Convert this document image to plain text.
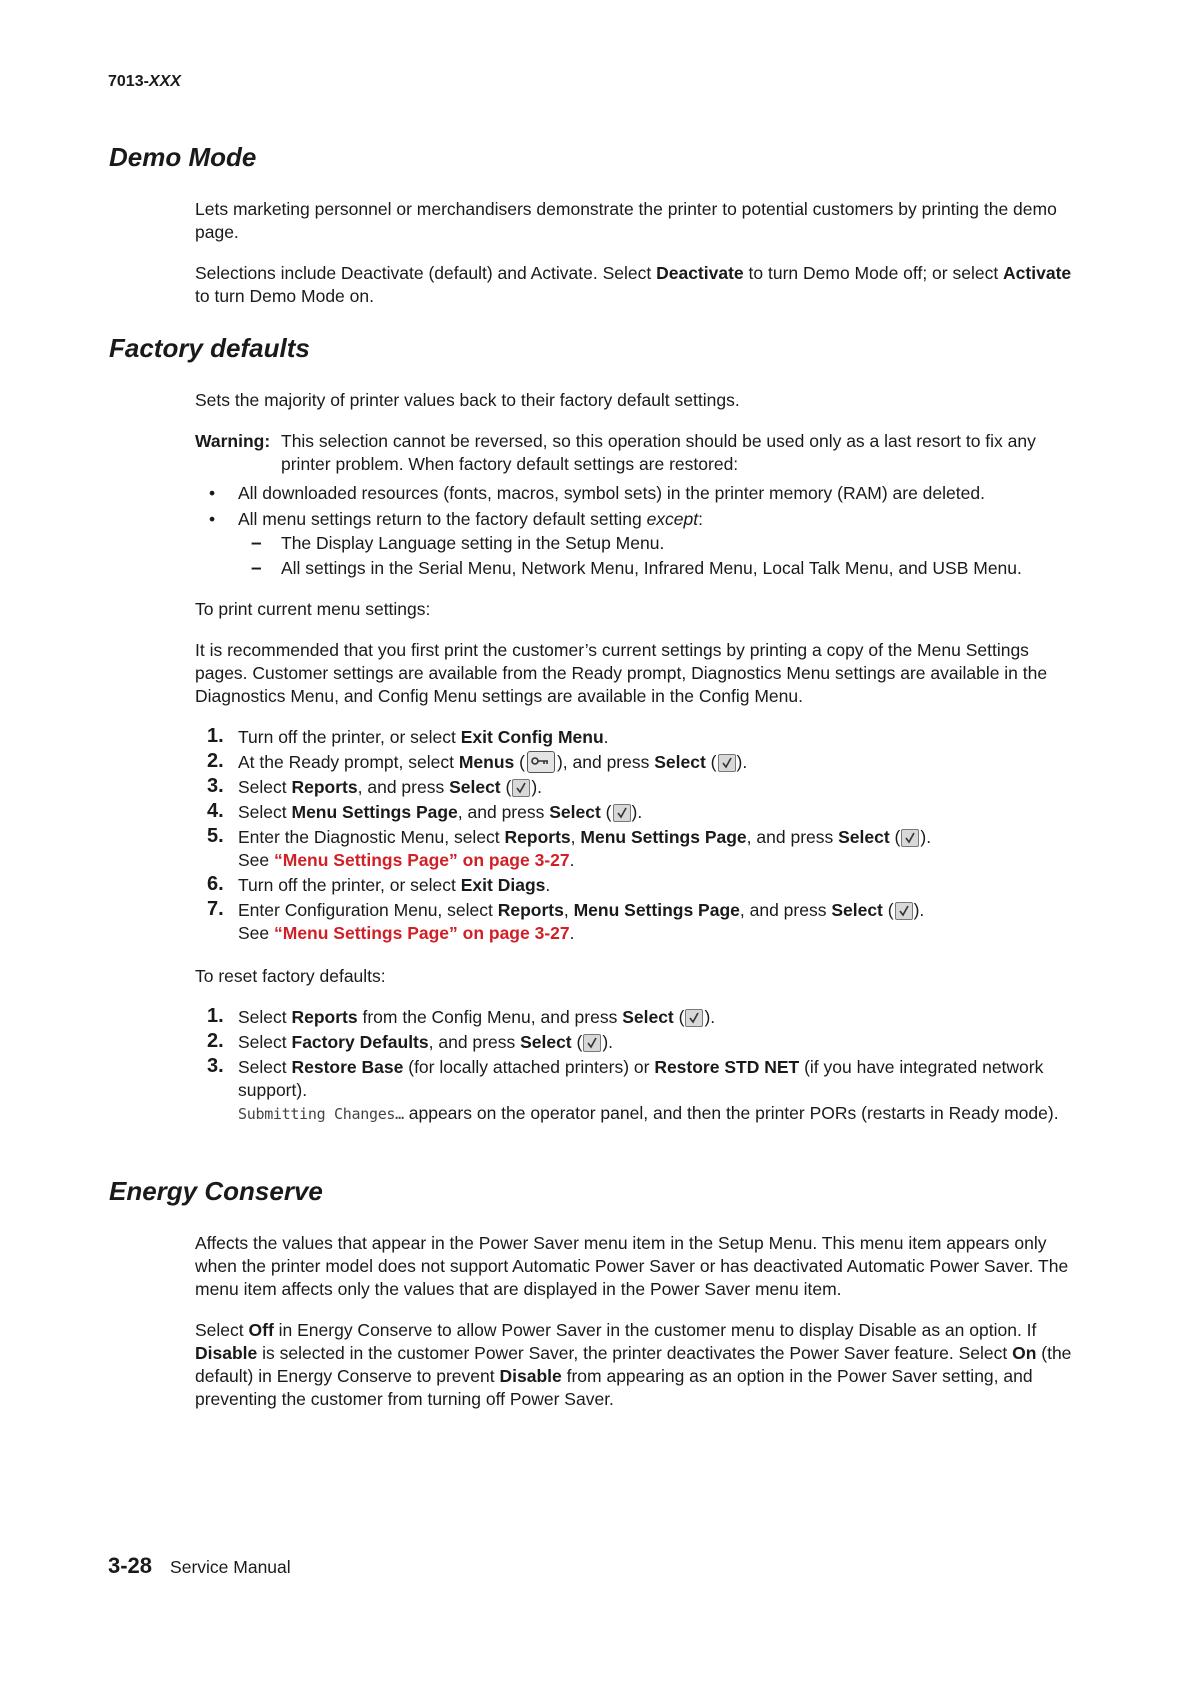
7013-XXX
Demo Mode

Lets marketing personnel or merchandisers demonstrate the printer to potential customers by printing the demo page.

Selections include Deactivate (default) and Activate. Select Deactivate to turn Demo Mode off; or select Activate to turn Demo Mode on.

Factory defaults

Sets the majority of printer values back to their factory default settings.

Warning: This selection cannot be reversed, so this operation should be used only as a last resort to fix any printer problem. When factory default settings are restored:
• All downloaded resources (fonts, macros, symbol sets) in the printer memory (RAM) are deleted.
• All menu settings return to the factory default setting except:
– The Display Language setting in the Setup Menu.
– All settings in the Serial Menu, Network Menu, Infrared Menu, Local Talk Menu, and USB Menu.

To print current menu settings:

It is recommended that you first print the customer’s current settings by printing a copy of the Menu Settings pages. Customer settings are available from the Ready prompt, Diagnostics Menu settings are available in the Diagnostics Menu, and Config Menu settings are available in the Config Menu.

1. Turn off the printer, or select Exit Config Menu.
2. At the Ready prompt, select Menus ( ), and press Select ( ).
3. Select Reports, and press Select ( ).
4. Select Menu Settings Page, and press Select ( ).
5. Enter the Diagnostic Menu, select Reports, Menu Settings Page, and press Select ( ).
See “Menu Settings Page” on page 3-27.
6. Turn off the printer, or select Exit Diags.
7. Enter Configuration Menu, select Reports, Menu Settings Page, and press Select ( ).
See “Menu Settings Page” on page 3-27.

To reset factory defaults:

1. Select Reports from the Config Menu, and press Select ( ).
2. Select Factory Defaults, and press Select ( ).
3. Select Restore Base (for locally attached printers) or Restore STD NET (if you have integrated network support).
Submitting Changes… appears on the operator panel, and then the printer PORs (restarts in Ready mode).
Energy Conserve

Affects the values that appear in the Power Saver menu item in the Setup Menu. This menu item appears only when the printer model does not support Automatic Power Saver or has deactivated Automatic Power Saver. The menu item affects only the values that are displayed in the Power Saver menu item.

Select Off in Energy Conserve to allow Power Saver in the customer menu to display Disable as an option. If Disable is selected in the customer Power Saver, the printer deactivates the Power Saver feature. Select On (the default) in Energy Conserve to prevent Disable from appearing as an option in the Power Saver setting, and preventing the customer from turning off Power Saver.

3-28 Service Manual
